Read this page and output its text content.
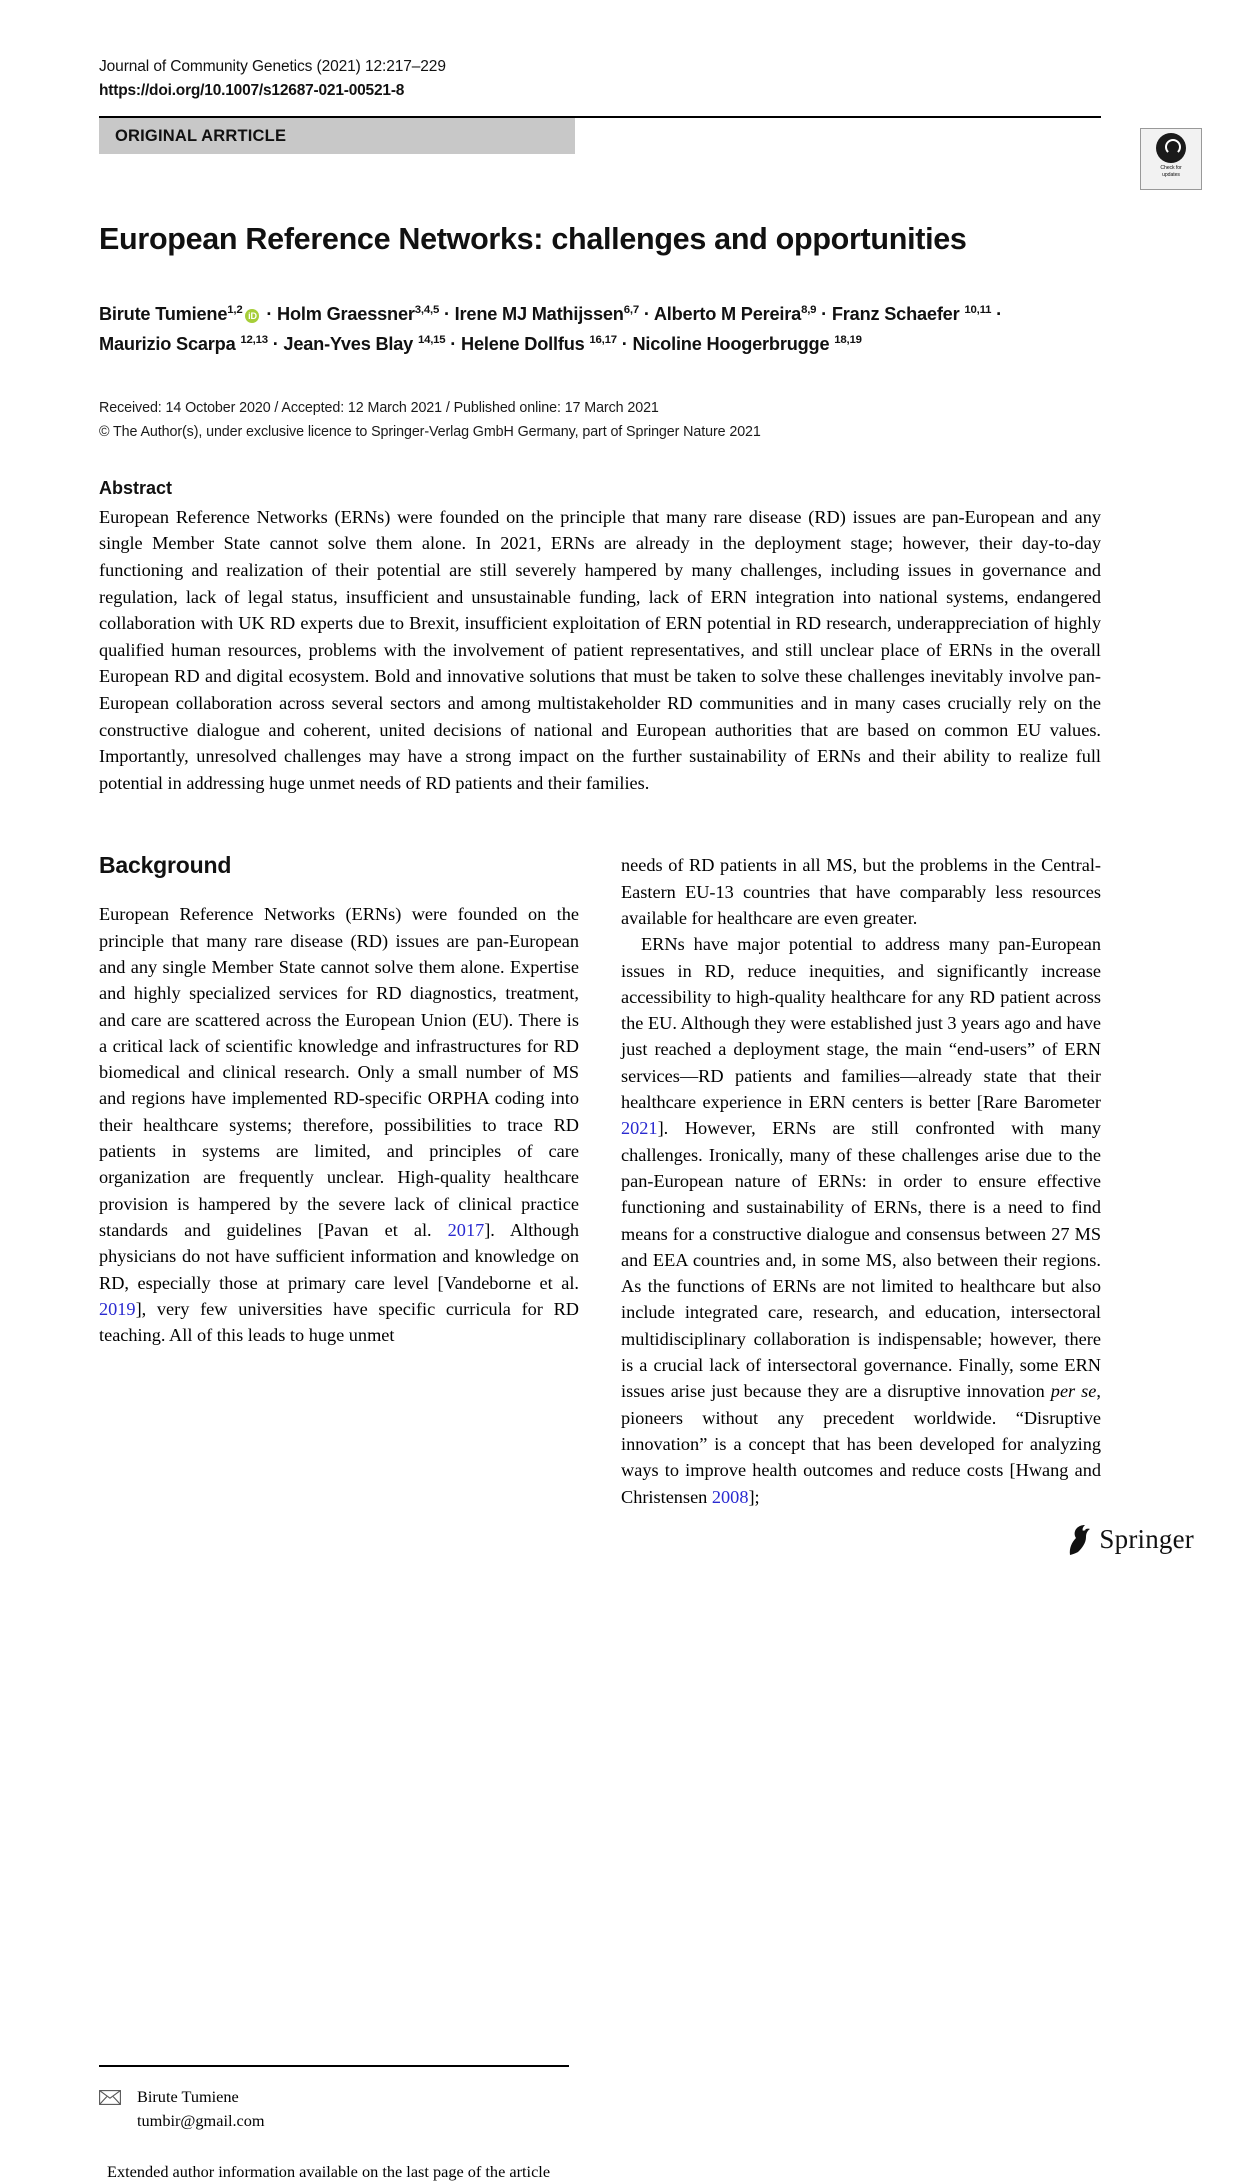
Journal of Community Genetics (2021) 12:217–229
https://doi.org/10.1007/s12687-021-00521-8
ORIGINAL ARRTICLE
European Reference Networks: challenges and opportunities
Birute Tumiene$^{1,2}$iD · Holm Graessner$^{3,4,5}$ · Irene MJ Mathijssen$^{6,7}$ · Alberto M Pereira$^{8,9}$ · Franz Schaefer $^{10,11}$ ·
Maurizio Scarpa $^{12,13}$ · Jean-Yves Blay $^{14,15}$ · Helene Dollfus $^{16,17}$ · Nicoline Hoogerbrugge $^{18,19}$
Received: 14 October 2020 / Accepted: 12 March 2021 / Published online: 17 March 2021
© The Author(s), under exclusive licence to Springer-Verlag GmbH Germany, part of Springer Nature 2021
Abstract
European Reference Networks (ERNs) were founded on the principle that many rare disease (RD) issues are pan-European and any single Member State cannot solve them alone. In 2021, ERNs are already in the deployment stage; however, their day-to-day functioning and realization of their potential are still severely hampered by many challenges, including issues in governance and regulation, lack of legal status, insufficient and unsustainable funding, lack of ERN integration into national systems, endangered collaboration with UK RD experts due to Brexit, insufficient exploitation of ERN potential in RD research, underappreciation of highly qualified human resources, problems with the involvement of patient representatives, and still unclear place of ERNs in the overall European RD and digital ecosystem. Bold and innovative solutions that must be taken to solve these challenges inevitably involve pan-European collaboration across several sectors and among multistakeholder RD communities and in many cases crucially rely on the constructive dialogue and coherent, united decisions of national and European authorities that are based on common EU values. Importantly, unresolved challenges may have a strong impact on the further sustainability of ERNs and their ability to realize full potential in addressing huge unmet needs of RD patients and their families.
Background

European Reference Networks (ERNs) were founded on the principle that many rare disease (RD) issues are pan-European and any single Member State cannot solve them alone. Expertise and highly specialized services for RD diagnostics, treatment, and care are scattered across the European Union (EU). There is a critical lack of scientific knowledge and infrastructures for RD biomedical and clinical research. Only a small number of MS and regions have implemented RD-specific ORPHA coding into their healthcare systems; therefore, possibilities to trace RD patients in systems are limited, and principles of care organization are frequently unclear. High-quality healthcare provision is hampered by the severe lack of clinical practice standards and guidelines [Pavan et al. 2017]. Although physicians do not have sufficient information and knowledge on RD, especially those at primary care level [Vandeborne et al. 2019], very few universities have specific curricula for RD teaching. All of this leads to huge unmet

Birute Tumiene
tumbir@gmail.com
Extended author information available on the last page of the article

needs of RD patients in all MS, but the problems in the Central-Eastern EU-13 countries that have comparably less resources available for healthcare are even greater.

ERNs have major potential to address many pan-European issues in RD, reduce inequities, and significantly increase accessibility to high-quality healthcare for any RD patient across the EU. Although they were established just 3 years ago and have just reached a deployment stage, the main “end-users” of ERN services—RD patients and families—already state that their healthcare experience in ERN centers is better [Rare Barometer 2021]. However, ERNs are still confronted with many challenges. Ironically, many of these challenges arise due to the pan-European nature of ERNs: in order to ensure effective functioning and sustainability of ERNs, there is a need to find means for a constructive dialogue and consensus between 27 MS and EEA countries and, in some MS, also between their regions. As the functions of ERNs are not limited to healthcare but also include integrated care, research, and education, intersectoral multidisciplinary collaboration is indispensable; however, there is a crucial lack of intersectoral governance. Finally, some ERN issues arise just because they are a disruptive innovation per se, pioneers without any precedent worldwide. “Disruptive innovation” is a concept that has been developed for analyzing ways to improve health outcomes and reduce costs [Hwang and Christensen 2008];

Check for
updates
Springer
